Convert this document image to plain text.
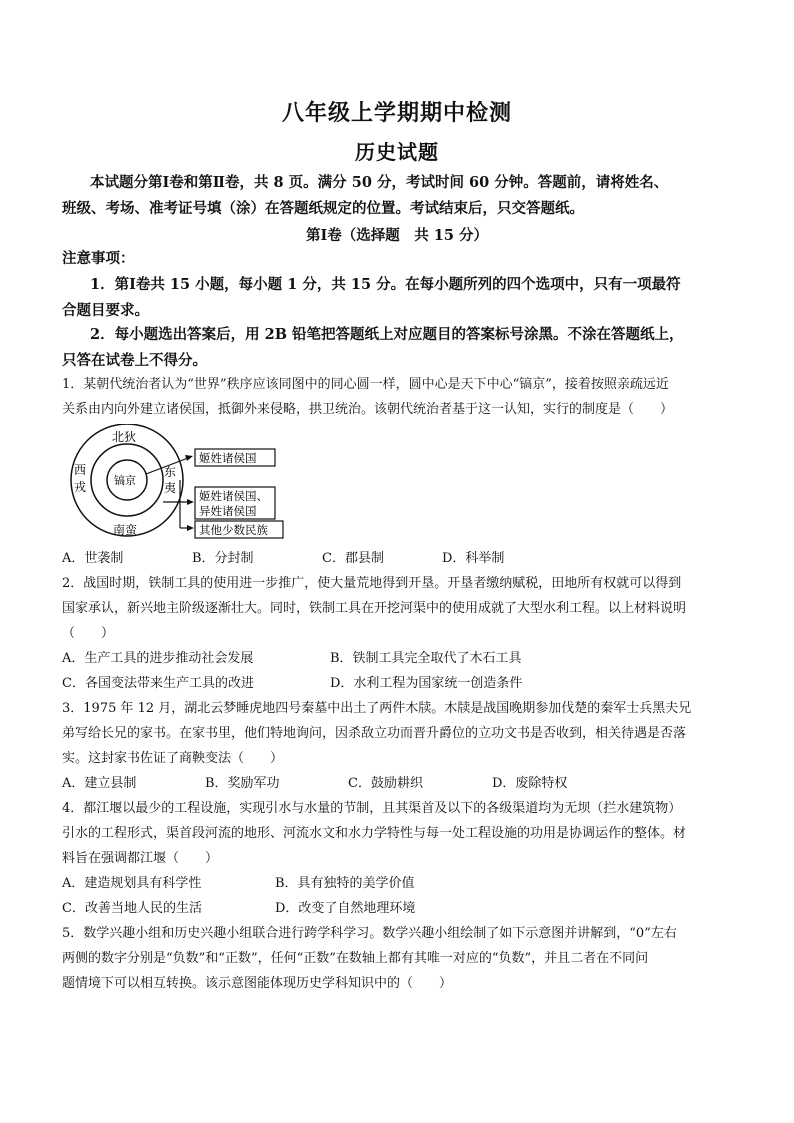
八年级上学期期中检测
历史试题
本试题分第Ⅰ卷和第Ⅱ卷，共 8 页。满分 50 分，考试时间 60 分钟。答题前，请将姓名、
班级、考场、准考证号填（涂）在答题纸规定的位置。考试结束后，只交答题纸。
第Ⅰ卷（选择题　共 15 分）
注意事项：
1．第Ⅰ卷共 15 小题，每小题 1 分，共 15 分。在每小题所列的四个选项中，只有一项最符
合题目要求。
2．每小题选出答案后，用 2B 铅笔把答题纸上对应题目的答案标号涂黑。不涂在答题纸上，
只答在试卷上不得分。
1．某朝代统治者认为“世界”秩序应该同图中的同心圆一样，圆中心是天下中心“镐京”，接着按照亲疏远近
关系由内向外建立诸侯国，抵御外来侵略，拱卫统治。该朝代统治者基于这一认知，实行的制度是（　　）
北狄
西
戎
东
夷
南蛮
镐京
姬姓诸侯国
姬姓诸侯国、
异姓诸侯国
其他少数民族
A．世袭制	B．分封制	C．郡县制	D．科举制
2．战国时期，铁制工具的使用进一步推广，使大量荒地得到开垦。开垦者缴纳赋税，田地所有权就可以得到
国家承认，新兴地主阶级逐渐壮大。同时，铁制工具在开挖河渠中的使用成就了大型水利工程。以上材料说明
（　　）
A．生产工具的进步推动社会发展	B．铁制工具完全取代了木石工具
C．各国变法带来生产工具的改进	D．水利工程为国家统一创造条件
3．1975 年 12 月，湖北云梦睡虎地四号秦墓中出土了两件木牍。木牍是战国晚期参加伐楚的秦军士兵黑夫兄
弟写给长兄的家书。在家书里，他们特地询问，因杀敌立功而晋升爵位的立功文书是否收到，相关待遇是否落
实。这封家书佐证了商鞅变法（　　）
A．建立县制	B．奖励军功	C．鼓励耕织	D．废除特权
4．都江堰以最少的工程设施，实现引水与水量的节制，且其渠首及以下的各级渠道均为无坝（拦水建筑物）
引水的工程形式，渠首段河流的地形、河流水文和水力学特性与每一处工程设施的功用是协调运作的整体。材
料旨在强调都江堰（　　）
A．建造规划具有科学性	B．具有独特的美学价值
C．改善当地人民的生活	D．改变了自然地理环境
5．数学兴趣小组和历史兴趣小组联合进行跨学科学习。数学兴趣小组绘制了如下示意图并讲解到，“0”左右
两侧的数字分别是“负数”和“正数”，任何“正数”在数轴上都有其唯一对应的“负数”，并且二者在不同问
题情境下可以相互转换。该示意图能体现历史学科知识中的（　　）
